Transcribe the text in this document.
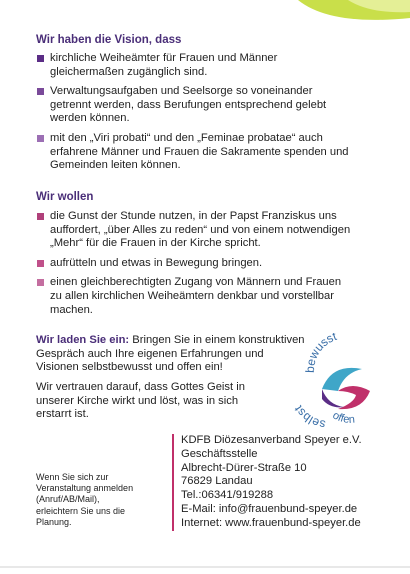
Wir haben die Vision, dass
kirchliche Weiheämter für Frauen und Männer
gleichermaßen zugänglich sind.
Verwaltungsaufgaben und Seelsorge so voneinander
getrennt werden, dass Berufungen entsprechend gelebt
werden können.
mit den „Viri probati“ und den „Feminae probatae“ auch
erfahrene Männer und Frauen die Sakramente spenden und
Gemeinden leiten können.
Wir wollen
die Gunst der Stunde nutzen, in der Papst Franziskus uns
auffordert, „über Alles zu reden“ und von einem notwendigen
„Mehr“ für die Frauen in der Kirche spricht.
aufrütteln und etwas in Bewegung bringen.
einen gleichberechtigten Zugang von Männern und Frauen
zu allen kirchlichen Weiheämtern denkbar und vorstellbar
machen.
Wir laden Sie ein: Bringen Sie in einem konstruktiven
Gespräch auch Ihre eigenen Erfahrungen und
Visionen selbstbewusst und offen ein!
Wir vertrauen darauf, dass Gottes Geist in
unserer Kirche wirkt und löst, was in sich
erstarrt ist.
bewusst
selbst
offen
Wenn Sie sich zur
Veranstaltung anmelden
(Anruf/AB/Mail),
erleichtern Sie uns die
Planung.
KDFB Diözesanverband Speyer e.V.
Geschäftsstelle
Albrecht-Dürer-Straße 10
76829 Landau
Tel.:06341/919288
E-Mail: info@frauenbund-speyer.de
Internet: www.frauenbund-speyer.de
